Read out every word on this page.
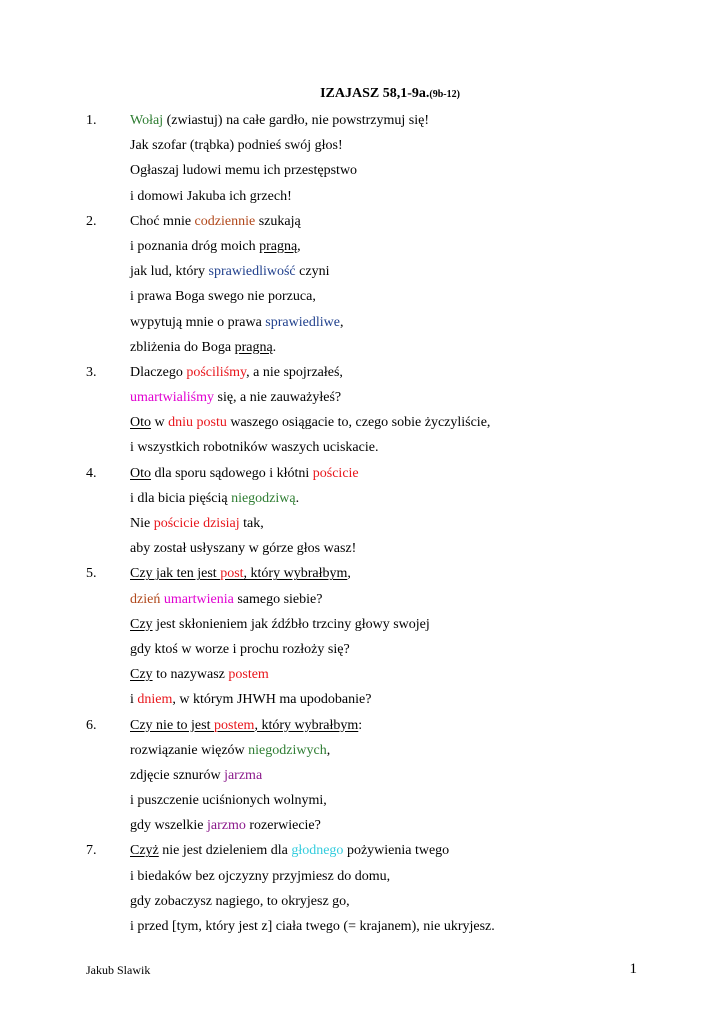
IZAJASZ 58,1-9a.(9b-12)
1. Wołaj (zwiastuj) na całe gardło, nie powstrzymuj się!
Jak szofar (trąbka) podnieś swój głos!
Ogłaszaj ludowi memu ich przestępstwo
i domowi Jakuba ich grzech!
2. Choć mnie codziennie szukają
i poznania dróg moich pragną,
jak lud, który sprawiedliwość czyni
i prawa Boga swego nie porzuca,
wypytują mnie o prawa sprawiedliwe,
zbliżenia do Boga pragną.
3. Dlaczego pościliśmy, a nie spojrzałeś,
umartwialiśmy się, a nie zauważyłeś?
Oto w dniu postu waszego osiągacie to, czego sobie życzyliście,
i wszystkich robotników waszych uciskacie.
4. Oto dla sporu sądowego i kłótni pościcie
i dla bicia pięścią niegodziwą.
Nie pościcie dzisiaj tak,
aby został usłyszany w górze głos wasz!
5. Czy jak ten jest post, który wybrałbym,
dzień umartwienia samego siebie?
Czy jest skłonieniem jak źdźbło trzciny głowy swojej
gdy ktoś w worze i prochu rozłoży się?
Czy to nazywasz postem
i dniem, w którym JHWH ma upodobanie?
6. Czy nie to jest postem, który wybrałbym:
rozwiązanie więzów niegodziwych,
zdjęcie sznurów jarzma
i puszczenie uciśnionych wolnymi,
gdy wszelkie jarzmo rozerwiecie?
7. Czyż nie jest dzieleniem dla głodnego pożywienia twego
i biedaków bez ojczyzny przyjmiesz do domu,
gdy zobaczysz nagiego, to okryjesz go,
i przed [tym, który jest z] ciała twego (= krajanem), nie ukryjesz.
Jakub Slawik	1
